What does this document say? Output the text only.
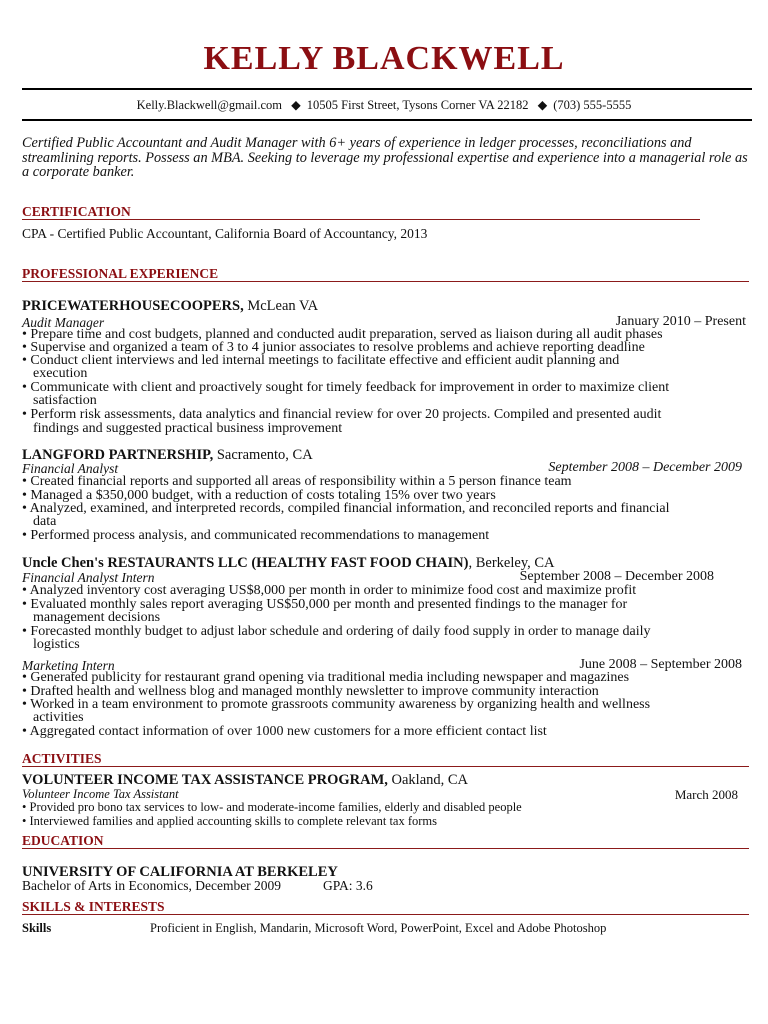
KELLY BLACKWELL
Kelly.Blackwell@gmail.com ◆ 10505 First Street, Tysons Corner VA 22182 ◆ (703) 555-5555
Certified Public Accountant and Audit Manager with 6+ years of experience in ledger processes, reconciliations and streamlining reports. Possess an MBA. Seeking to leverage my professional expertise and experience into a managerial role as a corporate banker.
CERTIFICATION
CPA - Certified Public Accountant, California Board of Accountancy, 2013
PROFESSIONAL EXPERIENCE
PRICEWATERHOUSECOOPERS, McLean VA
Audit Manager	January 2010 – Present
• Prepare time and cost budgets, planned and conducted audit preparation, served as liaison during all audit phases
• Supervise and organized a team of 3 to 4 junior associates to resolve problems and achieve reporting deadline
• Conduct client interviews and led internal meetings to facilitate effective and efficient audit planning and
execution
• Communicate with client and proactively sought for timely feedback for improvement in order to maximize client
satisfaction
• Perform risk assessments, data analytics and financial review for over 20 projects. Compiled and presented audit
findings and suggested practical business improvement
LANGFORD PARTNERSHIP, Sacramento, CA
Financial Analyst	September 2008 – December 2009
• Created financial reports and supported all areas of responsibility within a 5 person finance team
• Managed a $350,000 budget, with a reduction of costs totaling 15% over two years
• Analyzed, examined, and interpreted records, compiled financial information, and reconciled reports and financial
data
• Performed process analysis, and communicated recommendations to management
Uncle Chen's RESTAURANTS LLC (HEALTHY FAST FOOD CHAIN), Berkeley, CA
Financial Analyst Intern	September 2008 – December 2008
• Analyzed inventory cost averaging US$8,000 per month in order to minimize food cost and maximize profit
• Evaluated monthly sales report averaging US$50,000 per month and presented findings to the manager for
management decisions
• Forecasted monthly budget to adjust labor schedule and ordering of daily food supply in order to manage daily
logistics
Marketing Intern	June 2008 – September 2008
• Generated publicity for restaurant grand opening via traditional media including newspaper and magazines
• Drafted health and wellness blog and managed monthly newsletter to improve community interaction
• Worked in a team environment to promote grassroots community awareness by organizing health and wellness
activities
• Aggregated contact information of over 1000 new customers for a more efficient contact list
ACTIVITIES
VOLUNTEER INCOME TAX ASSISTANCE PROGRAM, Oakland, CA
Volunteer Income Tax Assistant	March 2008
• Provided pro bono tax services to low- and moderate-income families, elderly and disabled people
• Interviewed families and applied accounting skills to complete relevant tax forms
EDUCATION
UNIVERSITY OF CALIFORNIA AT BERKELEY
Bachelor of Arts in Economics, December 2009	GPA: 3.6
SKILLS & INTERESTS
Skills	Proficient in English, Mandarin, Microsoft Word, PowerPoint, Excel and Adobe Photoshop
